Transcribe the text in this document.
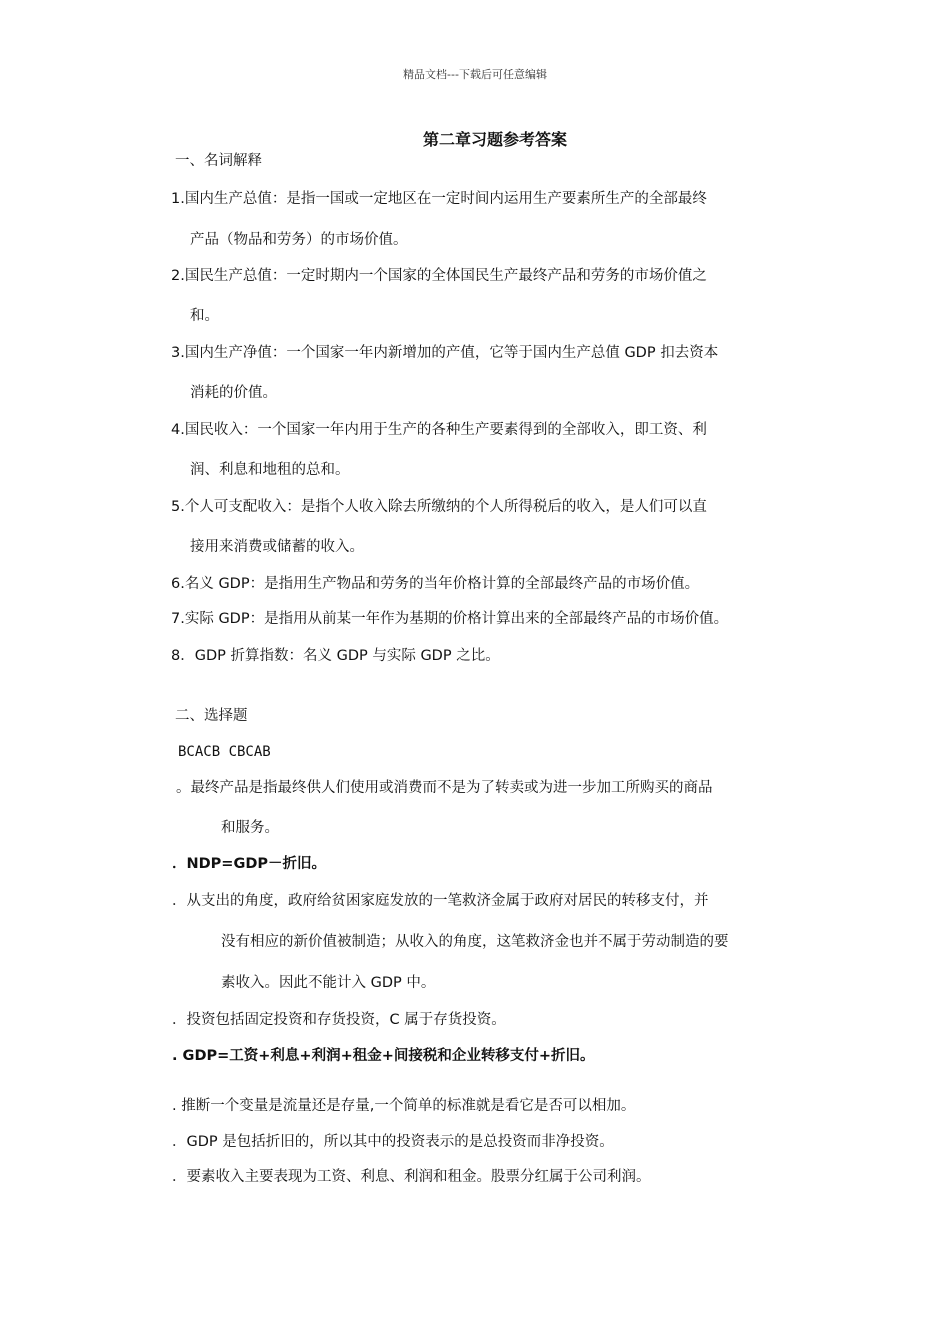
精品文档---下载后可任意编辑
第二章习题参考答案
一、名词解释
1.国内生产总值：是指一国或一定地区在一定时间内运用生产要素所生产的全部最终
产品（物品和劳务）的市场价值。
2.国民生产总值：一定时期内一个国家的全体国民生产最终产品和劳务的市场价值之
和。
3.国内生产净值：一个国家一年内新增加的产值，它等于国内生产总值 GDP 扣去资本
消耗的价值。
4.国民收入：一个国家一年内用于生产的各种生产要素得到的全部收入，即工资、利
润、利息和地租的总和。
5.个人可支配收入：是指个人收入除去所缴纳的个人所得税后的收入，是人们可以直
接用来消费或储蓄的收入。
6.名义 GDP：是指用生产物品和劳务的当年价格计算的全部最终产品的市场价值。
7.实际 GDP：是指用从前某一年作为基期的价格计算出来的全部最终产品的市场价值。
8．GDP 折算指数：名义 GDP 与实际 GDP 之比。
二、选择题
BCACB CBCAB
。最终产品是指最终供人们使用或消费而不是为了转卖或为进一步加工所购买的商品
和服务。
．NDP=GDP－折旧。
．从支出的角度，政府给贫困家庭发放的一笔救济金属于政府对居民的转移支付，并
没有相应的新价值被制造；从收入的角度，这笔救济金也并不属于劳动制造的要
素收入。因此不能计入 GDP 中。
．投资包括固定投资和存货投资，C 属于存货投资。
. GDP=工资+利息+利润+租金+间接税和企业转移支付+折旧。
. 推断一个变量是流量还是存量,一个简单的标准就是看它是否可以相加。
．GDP 是包括折旧的，所以其中的投资表示的是总投资而非净投资。
．要素收入主要表现为工资、利息、利润和租金。股票分红属于公司利润。
